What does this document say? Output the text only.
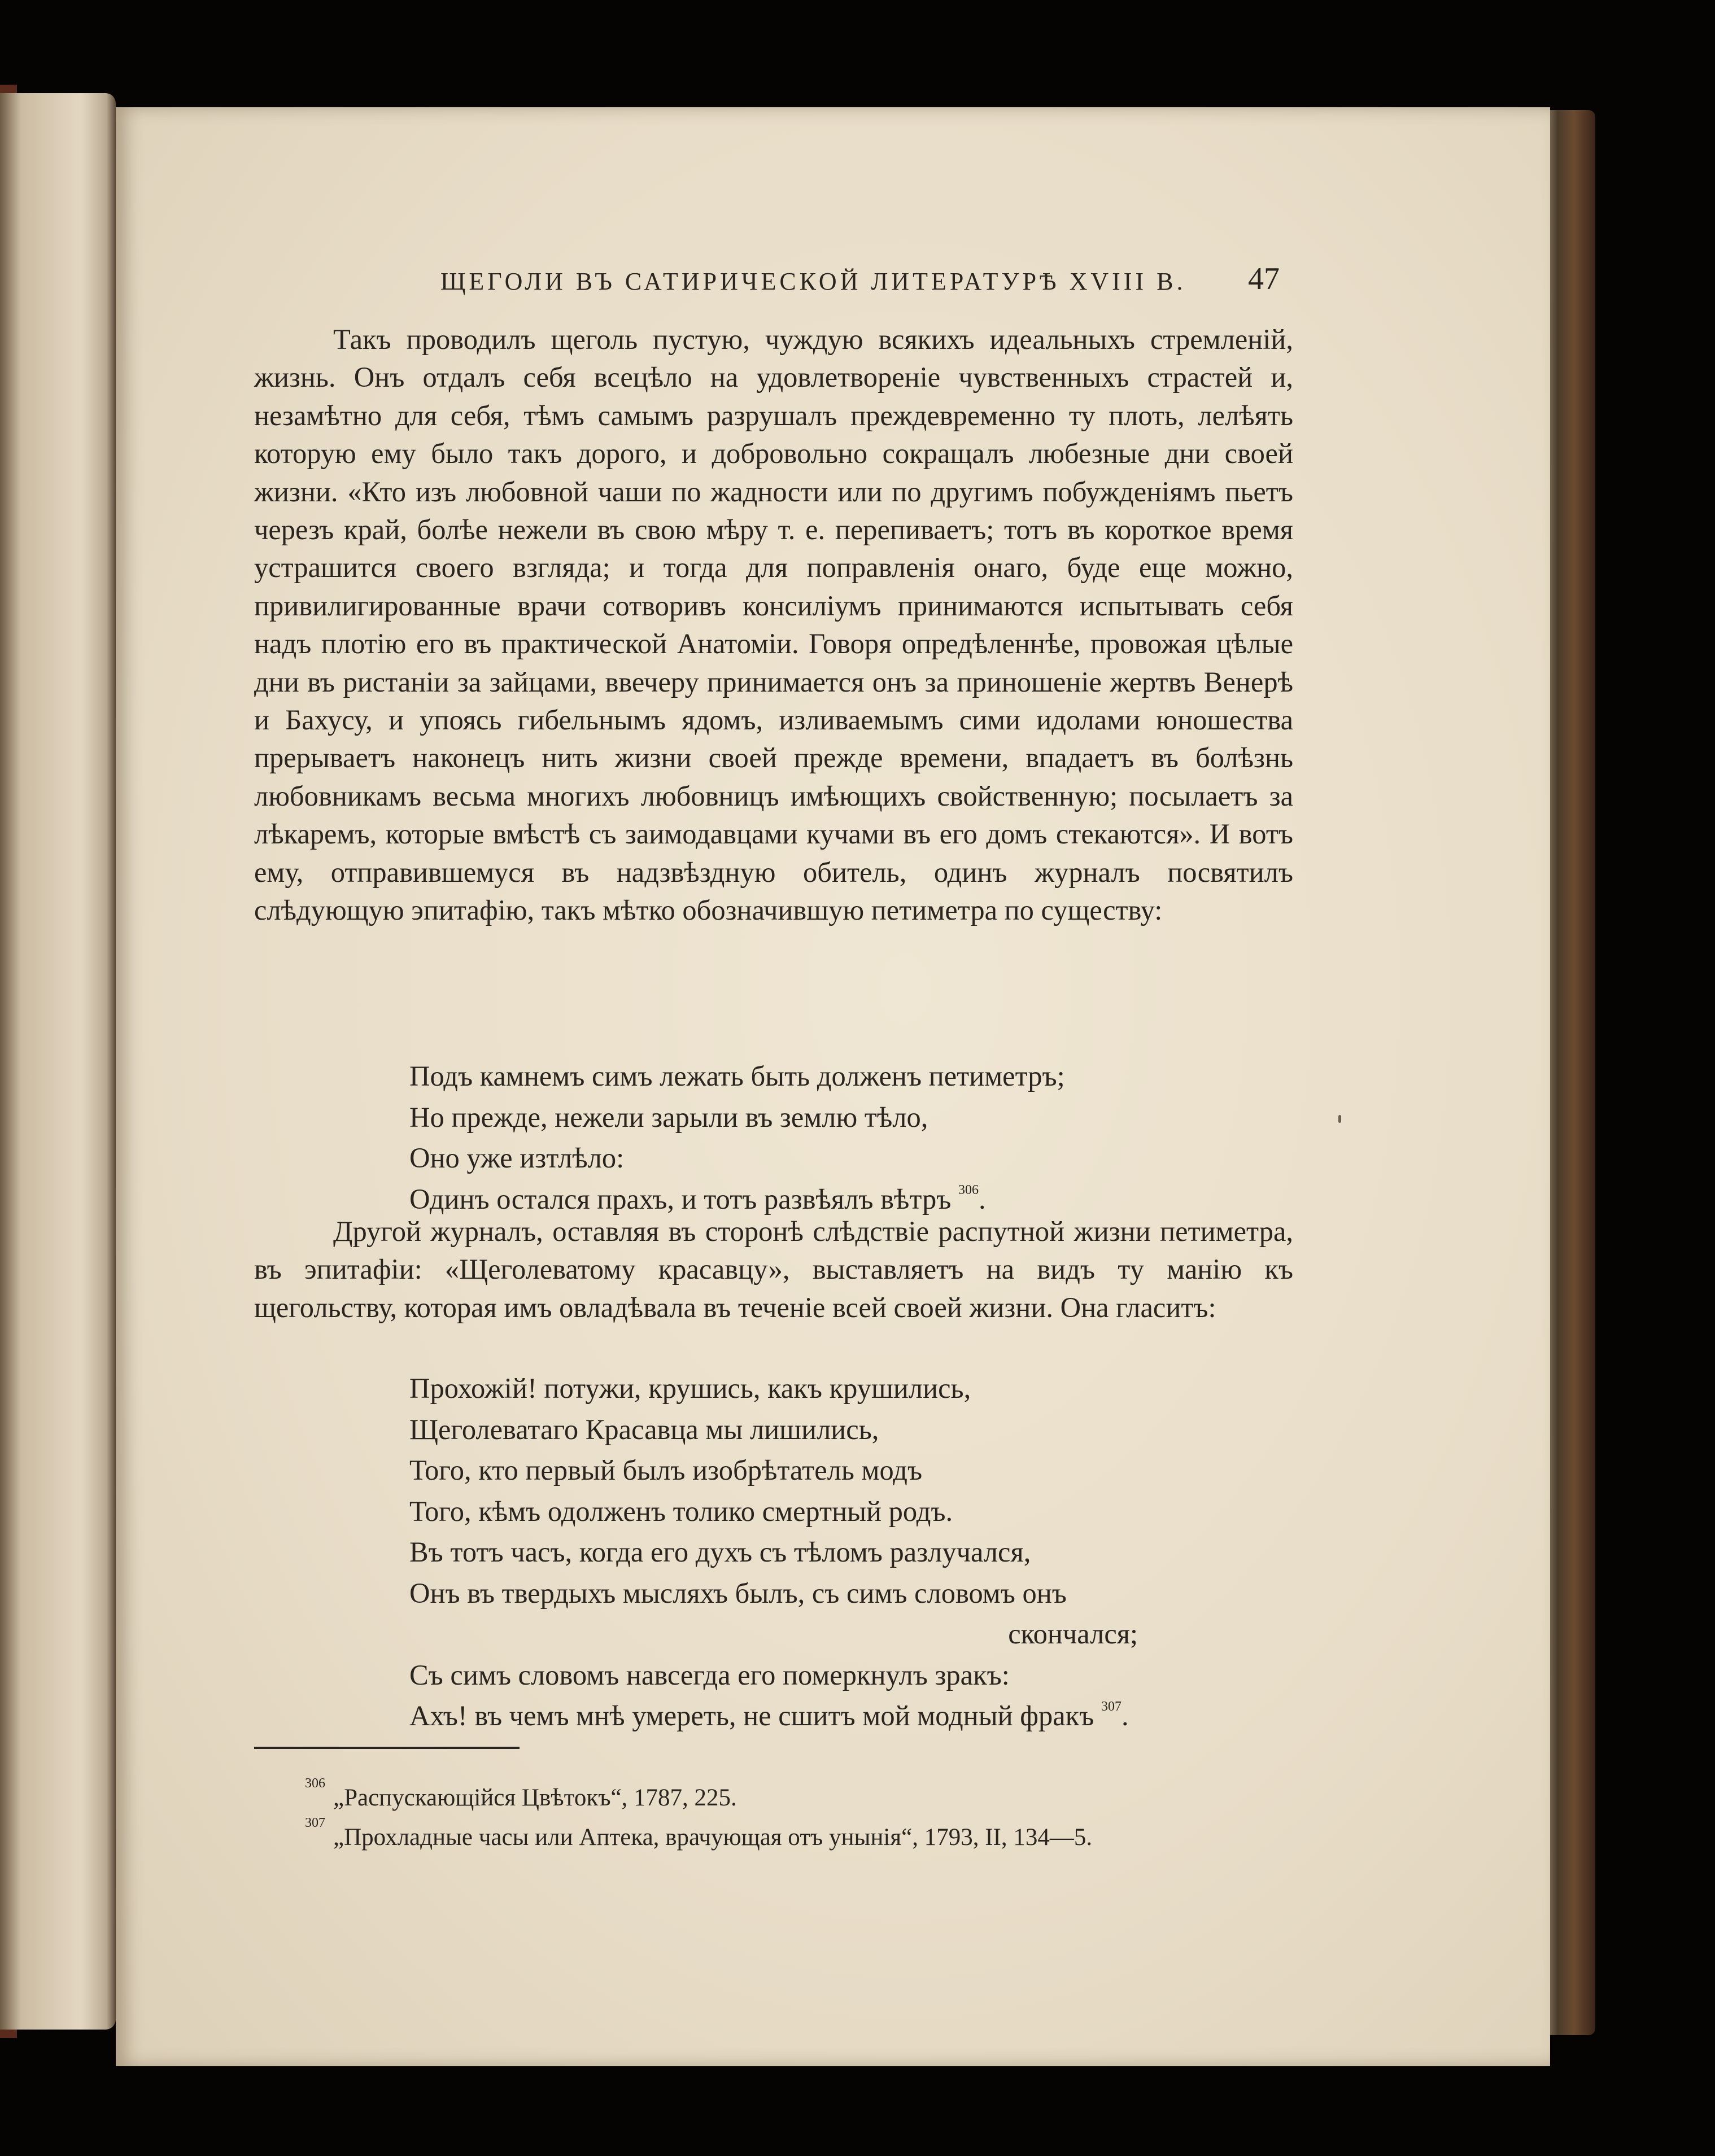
ЩЕГОЛИ ВЪ САТИРИЧЕСКОЙ ЛИТЕРАТУРѢ XVIII В. 47

Такъ проводилъ щеголь пустую, чуждую всякихъ идеальныхъ стремленій, жизнь. Онъ отдалъ себя всецѣло на удовлетвореніе чувственныхъ страстей и, незамѣтно для себя, тѣмъ самымъ разрушалъ преждевременно ту плоть, лелѣять которую ему было такъ дорого, и добровольно сокращалъ любезные дни своей жизни. «Кто изъ любовной чаши по жадности или по другимъ побужденіямъ пьетъ черезъ край, болѣе нежели въ свою мѣру т. е. перепиваетъ; тотъ въ короткое время устрашится своего взгляда; и тогда для поправленія онаго, буде еще можно, привилигированные врачи сотворивъ консиліумъ принимаются испытывать себя надъ плотію его въ практической Анатоміи. Говоря опредѣленнѣе, провожая цѣлые дни въ ристаніи за зайцами, ввечеру принимается онъ за приношеніе жертвъ Венерѣ и Бахусу, и упоясь гибельнымъ ядомъ, изливаемымъ сими идолами юношества прерываетъ наконецъ нить жизни своей прежде времени, впадаетъ въ болѣзнь любовникамъ весьма многихъ любовницъ имѣющихъ свойственную; посылаетъ за лѣкаремъ, которые вмѣстѣ съ заимодавцами кучами въ его домъ стекаются». И вотъ ему, отправившемуся въ надзвѣздную обитель, одинъ журналъ посвятилъ слѣдующую эпитафію, такъ мѣтко обозначившую петиметра по существу:

Подъ камнемъ симъ лежать быть долженъ петиметръ;
Но прежде, нежели зарыли въ землю тѣло,
Оно уже изтлѣло:
Одинъ остался прахъ, и тотъ развѣялъ вѣтръ $^{306}$.

Другой журналъ, оставляя въ сторонѣ слѣдствіе распутной жизни петиметра, въ эпитафіи: «Щеголеватому красавцу», выставляетъ на видъ ту манію къ щегольству, которая имъ овладѣвала въ теченіе всей своей жизни. Она гласитъ:

Прохожій! потужи, крушись, какъ крушились,
Щеголеватаго Красавца мы лишились,
Того, кто первый былъ изобрѣтатель модъ
Того, кѣмъ одолженъ толико смертный родъ.
Въ тотъ часъ, когда его духъ съ тѣломъ разлучался,
Онъ въ твердыхъ мысляхъ былъ, съ симъ словомъ онъ
скончался;
Съ симъ словомъ навсегда его померкнулъ зракъ:
Ахъ! въ чемъ мнѣ умереть, не сшитъ мой модный фракъ $^{307}$.
306
„Распускающійся Цвѣтокъ“, 1787, 225.
307
„Прохладные часы или Аптека, врачующая отъ унынія“, 1793, II, 134—5.
